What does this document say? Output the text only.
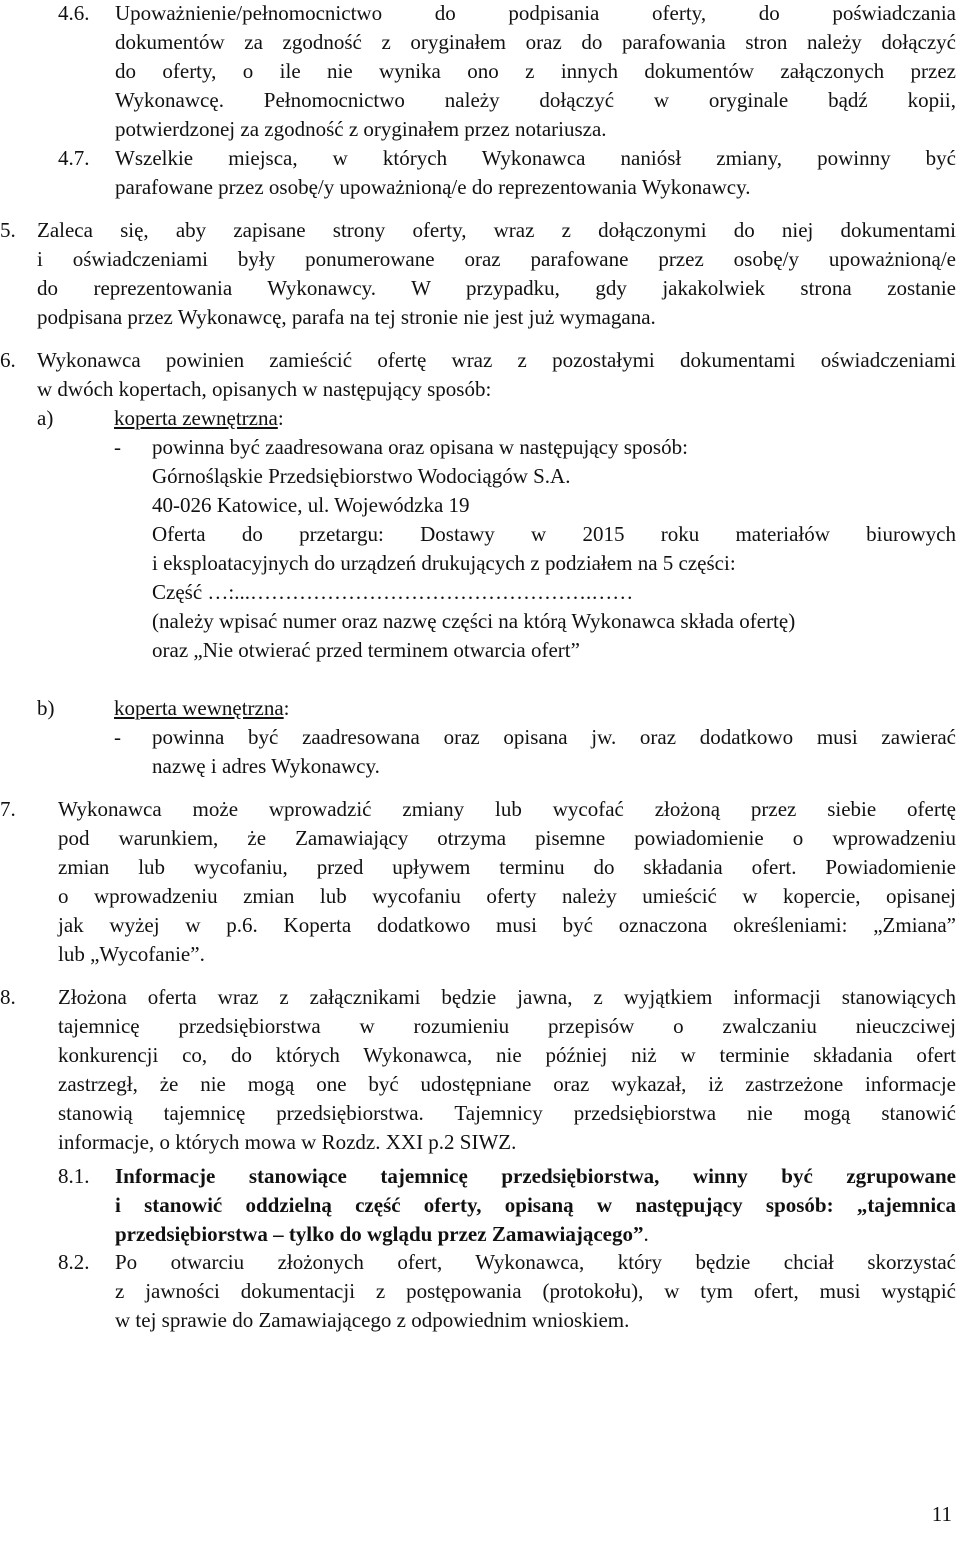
4.6. Upoważnienie/pełnomocnictwo do podpisania oferty, do poświadczania
dokumentów za zgodność z oryginałem oraz do parafowania stron należy dołączyć
do oferty, o ile nie wynika ono z innych dokumentów załączonych przez
Wykonawcę. Pełnomocnictwo należy dołączyć w oryginale bądź kopii,
potwierdzonej za zgodność z oryginałem przez notariusza.
4.7. Wszelkie miejsca, w których Wykonawca naniósł zmiany, powinny być
parafowane przez osobę/y upoważnioną/e do reprezentowania Wykonawcy.
5. Zaleca się, aby zapisane strony oferty, wraz z dołączonymi do niej dokumentami
i oświadczeniami były ponumerowane oraz parafowane przez osobę/y upoważnioną/e
do reprezentowania Wykonawcy. W przypadku, gdy jakakolwiek strona zostanie
podpisana przez Wykonawcę, parafa na tej stronie nie jest już wymagana.
6. Wykonawca powinien zamieścić ofertę wraz z pozostałymi dokumentami oświadczeniami
w dwóch kopertach, opisanych w następujący sposób:
a)	koperta zewnętrzna:
- powinna być zaadresowana oraz opisana w następujący sposób:
Górnośląskie Przedsiębiorstwo Wodociągów S.A.
40-026 Katowice, ul. Wojewódzka 19
Oferta do przetargu: Dostawy w 2015 roku materiałów biurowych
i eksploatacyjnych do urządzeń drukujących z podziałem na 5 części:
Część …:...………………………………………….……
(należy wpisać numer oraz nazwę części na którą Wykonawca składa ofertę)
oraz „Nie otwierać przed terminem otwarcia ofert”
b)	koperta wewnętrzna:
- powinna być zaadresowana oraz opisana jw. oraz dodatkowo musi zawierać
nazwę i adres Wykonawcy.
7. Wykonawca może wprowadzić zmiany lub wycofać złożoną przez siebie ofertę
pod warunkiem, że Zamawiający otrzyma pisemne powiadomienie o wprowadzeniu
zmian lub wycofaniu, przed upływem terminu do składania ofert. Powiadomienie
o wprowadzeniu zmian lub wycofaniu oferty należy umieścić w kopercie, opisanej
jak wyżej w p.6. Koperta dodatkowo musi być oznaczona określeniami: „Zmiana”
lub „Wycofanie”.
8. Złożona oferta wraz z załącznikami będzie jawna, z wyjątkiem informacji stanowiących
tajemnicę przedsiębiorstwa w rozumieniu przepisów o zwalczaniu nieuczciwej
konkurencji co, do których Wykonawca, nie później niż w terminie składania ofert
zastrzegł, że nie mogą one być udostępniane oraz wykazał, iż zastrzeżone informacje
stanowią tajemnicę przedsiębiorstwa. Tajemnicy przedsiębiorstwa nie mogą stanowić
informacje, o których mowa w Rozdz. XXI p.2 SIWZ.
8.1. Informacje stanowiące tajemnicę przedsiębiorstwa, winny być zgrupowane
i stanowić oddzielną część oferty, opisaną w następujący sposób: „tajemnica
przedsiębiorstwa – tylko do wglądu przez Zamawiającego”.
8.2. Po otwarciu złożonych ofert, Wykonawca, który będzie chciał skorzystać
z jawności dokumentacji z postępowania (protokołu), w tym ofert, musi wystąpić
w tej sprawie do Zamawiającego z odpowiednim wnioskiem.
11
